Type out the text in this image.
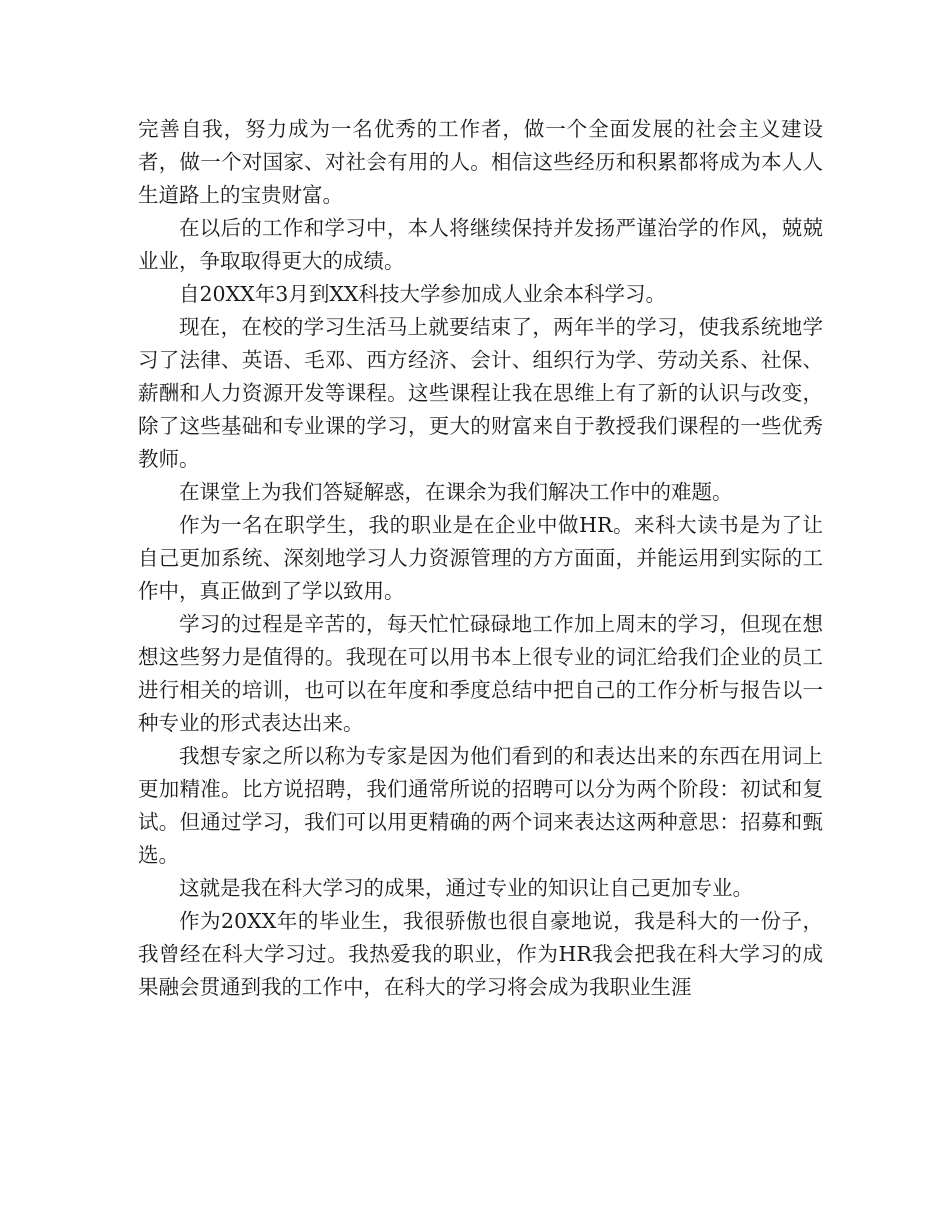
完善自我，努力成为一名优秀的工作者，做一个全面发展的社会主义建设者，做一个对国家、对社会有用的人。相信这些经历和积累都将成为本人人生道路上的宝贵财富。

在以后的工作和学习中，本人将继续保持并发扬严谨治学的作风，兢兢业业，争取取得更大的成绩。

自20XX年3月到XX科技大学参加成人业余本科学习。

现在，在校的学习生活马上就要结束了，两年半的学习，使我系统地学习了法律、英语、毛邓、西方经济、会计、组织行为学、劳动关系、社保、薪酬和人力资源开发等课程。这些课程让我在思维上有了新的认识与改变，除了这些基础和专业课的学习，更大的财富来自于教授我们课程的一些优秀教师。

在课堂上为我们答疑解惑，在课余为我们解决工作中的难题。

作为一名在职学生，我的职业是在企业中做HR。来科大读书是为了让自己更加系统、深刻地学习人力资源管理的方方面面，并能运用到实际的工作中，真正做到了学以致用。

学习的过程是辛苦的，每天忙忙碌碌地工作加上周末的学习，但现在想想这些努力是值得的。我现在可以用书本上很专业的词汇给我们企业的员工进行相关的培训，也可以在年度和季度总结中把自己的工作分析与报告以一种专业的形式表达出来。

我想专家之所以称为专家是因为他们看到的和表达出来的东西在用词上更加精准。比方说招聘，我们通常所说的招聘可以分为两个阶段：初试和复试。但通过学习，我们可以用更精确的两个词来表达这两种意思：招募和甄选。

这就是我在科大学习的成果，通过专业的知识让自己更加专业。

作为20XX年的毕业生，我很骄傲也很自豪地说，我是科大的一份子，我曾经在科大学习过。我热爱我的职业，作为HR我会把我在科大学习的成果融会贯通到我的工作中，在科大的学习将会成为我职业生涯
